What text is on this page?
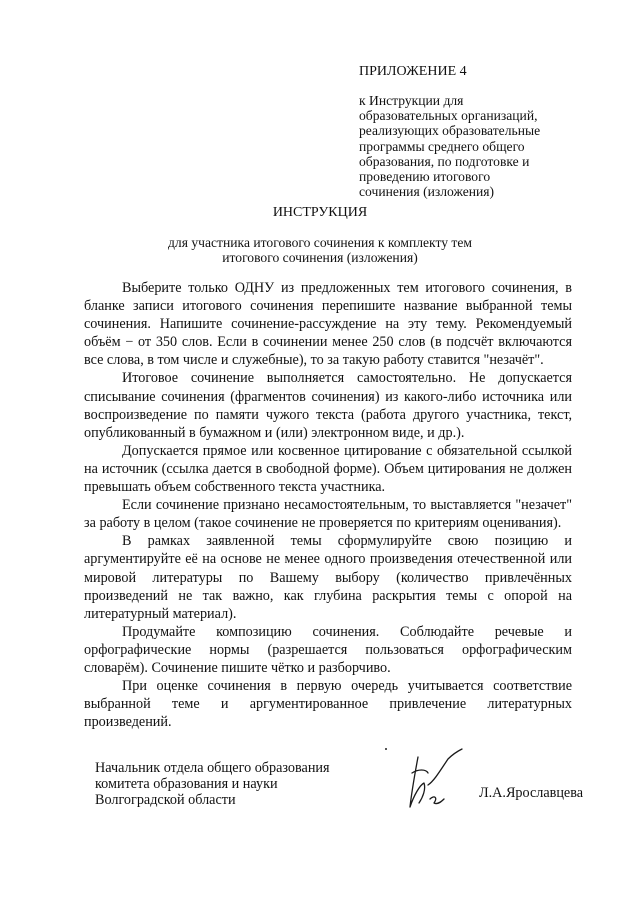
ПРИЛОЖЕНИЕ 4
к Инструкции для
образовательных организаций,
реализующих образовательные
программы среднего общего
образования, по подготовке и
проведению итогового
сочинения (изложения)
ИНСТРУКЦИЯ
для участника итогового сочинения к комплекту тем
итогового сочинения (изложения)

Выберите только ОДНУ из предложенных тем итогового сочинения, в бланке записи итогового сочинения перепишите название выбранной темы сочинения. Напишите сочинение-рассуждение на эту тему. Рекомендуемый объём − от 350 слов. Если в сочинении менее 250 слов (в подсчёт включаются все слова, в том числе и служебные), то за такую работу ставится "незачёт".

Итоговое сочинение выполняется самостоятельно. Не допускается списывание сочинения (фрагментов сочинения) из какого-либо источника или воспроизведение по памяти чужого текста (работа другого участника, текст, опубликованный в бумажном и (или) электронном виде, и др.).

Допускается прямое или косвенное цитирование с обязательной ссылкой на источник (ссылка дается в свободной форме). Объем цитирования не должен превышать объем собственного текста участника.

Если сочинение признано несамостоятельным, то выставляется "незачет" за работу в целом (такое сочинение не проверяется по критериям оценивания).

В рамках заявленной темы сформулируйте свою позицию и аргументируйте её на основе не менее одного произведения отечественной или мировой литературы по Вашему выбору (количество привлечённых произведений не так важно, как глубина раскрытия темы с опорой на литературный материал).

Продумайте композицию сочинения. Соблюдайте речевые и орфографические нормы (разрешается пользоваться орфографическим словарём). Сочинение пишите чётко и разборчиво.

При оценке сочинения в первую очередь учитывается соответствие выбранной теме и аргументированное привлечение литературных произведений.

Начальник отдела общего образования
комитета образования и науки
Волгоградской области	Л.А.Ярославцева
